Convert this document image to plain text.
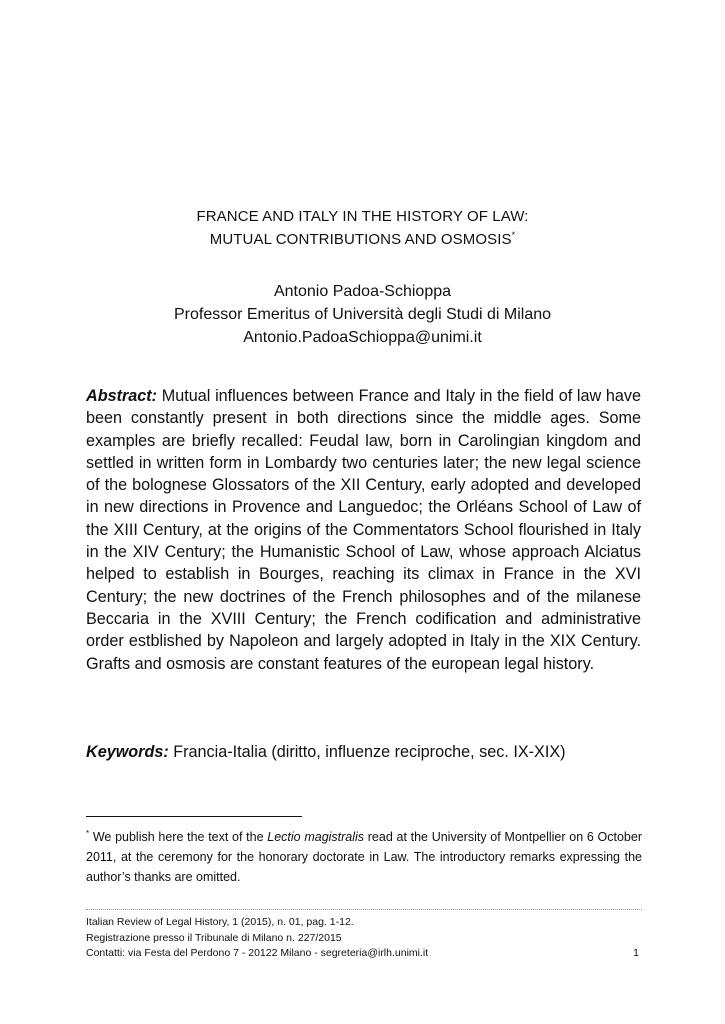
FRANCE AND ITALY IN THE HISTORY OF LAW:
MUTUAL CONTRIBUTIONS AND OSMOSIS*
Antonio Padoa-Schioppa
Professor Emeritus of Università degli Studi di Milano
Antonio.PadoaSchioppa@unimi.it
Abstract: Mutual influences between France and Italy in the field of law have been constantly present in both directions since the middle ages. Some examples are briefly recalled: Feudal law, born in Carolingian kingdom and settled in written form in Lombardy two centuries later; the new legal science of the bolognese Glossators of the XII Century, early adopted and developed in new directions in Provence and Languedoc; the Orléans School of Law of the XIII Century, at the origins of the Commentators School flourished in Italy in the XIV Century; the Humanistic School of Law, whose approach Alciatus helped to establish in Bourges, reaching its climax in France in the XVI Century; the new doctrines of the French philosophes and of the milanese Beccaria in the XVIII Century; the French codification and administrative order estblished by Napoleon and largely adopted in Italy in the XIX Century. Grafts and osmosis are constant features of the european legal history.
Keywords: Francia-Italia (diritto, influenze reciproche, sec. IX-XIX)
* We publish here the text of the Lectio magistralis read at the University of Montpellier on 6 October 2011, at the ceremony for the honorary doctorate in Law. The introductory remarks expressing the author’s thanks are omitted.
Italian Review of Legal History, 1 (2015), n. 01, pag. 1-12.
Registrazione presso il Tribunale di Milano n. 227/2015
Contatti: via Festa del Perdono 7 - 20122 Milano - segreteria@irlh.unimi.it	1
